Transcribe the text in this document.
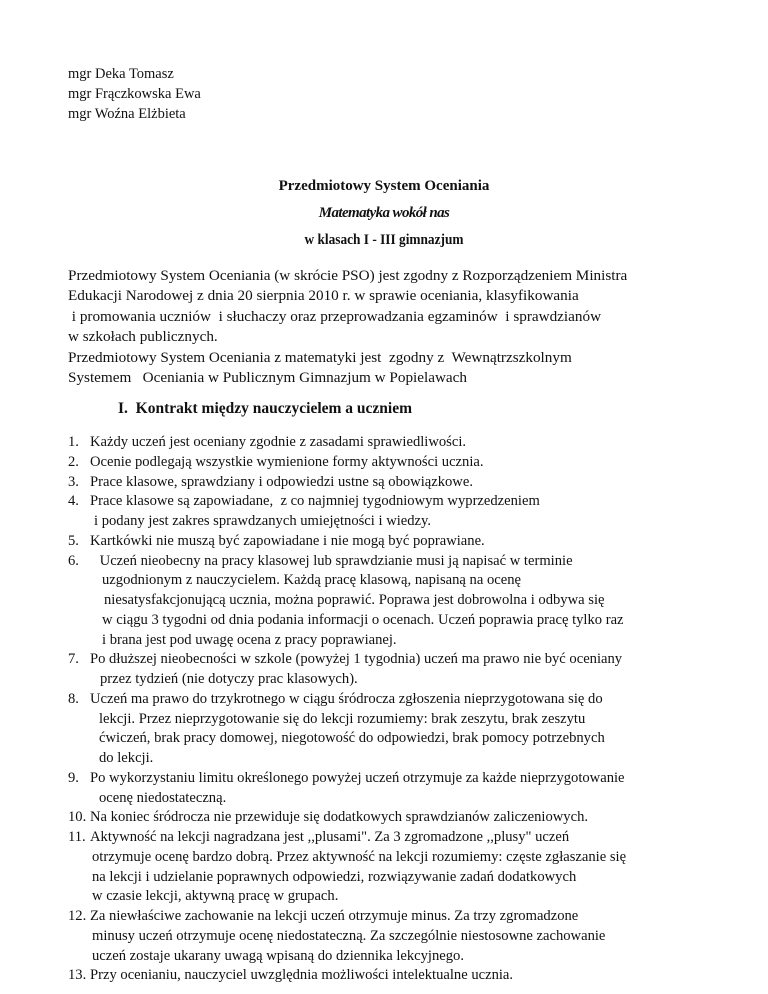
mgr Deka Tomasz
mgr Frączkowska Ewa
mgr Woźna Elżbieta
Przedmiotowy System Oceniania
Matematyka wokół nas
w klasach I - III gimnazjum
Przedmiotowy System Oceniania (w skrócie PSO) jest zgodny z Rozporządzeniem Ministra
Edukacji Narodowej z dnia 20 sierpnia 2010 r. w sprawie oceniania, klasyfikowania
i promowania uczniów  i słuchaczy oraz przeprowadzania egzaminów  i sprawdzianów
w szkołach publicznych.
Przedmiotowy System Oceniania z matematyki jest  zgodny z  Wewnątrzszkolnym
Systemem   Oceniania w Publicznym Gimnazjum w Popielawach
I.  Kontrakt między nauczycielem a uczniem
1. Każdy uczeń jest oceniany zgodnie z zasadami sprawiedliwości.
2. Ocenie podlegają wszystkie wymienione formy aktywności ucznia.
3. Prace klasowe, sprawdziany i odpowiedzi ustne są obowiązkowe.
4. Prace klasowe są zapowiadane,  z co najmniej tygodniowym wyprzedzeniem
i podany jest zakres sprawdzanych umiejętności i wiedzy.
5. Kartkówki nie muszą być zapowiadane i nie mogą być poprawiane.
6. Uczeń nieobecny na pracy klasowej lub sprawdzianie musi ją napisać w terminie
uzgodnionym z nauczycielem. Każdą pracę klasową, napisaną na ocenę
niesatysfakcjonującą ucznia, można poprawić. Poprawa jest dobrowolna i odbywa się
w ciągu 3 tygodni od dnia podania informacji o ocenach. Uczeń poprawia pracę tylko raz
i brana jest pod uwagę ocena z pracy poprawianej.
7. Po dłuższej nieobecności w szkole (powyżej 1 tygodnia) uczeń ma prawo nie być oceniany
przez tydzień (nie dotyczy prac klasowych).
8. Uczeń ma prawo do trzykrotnego w ciągu śródrocza zgłoszenia nieprzygotowana się do
lekcji. Przez nieprzygotowanie się do lekcji rozumiemy: brak zeszytu, brak zeszytu
ćwiczeń, brak pracy domowej, niegotowość do odpowiedzi, brak pomocy potrzebnych
do lekcji.
9. Po wykorzystaniu limitu określonego powyżej uczeń otrzymuje za każde nieprzygotowanie
ocenę niedostateczną.
10. Na koniec śródrocza nie przewiduje się dodatkowych sprawdzianów zaliczeniowych.
11. Aktywność na lekcji nagradzana jest ,,plusami". Za 3 zgromadzone ,,plusy" uczeń
otrzymuje ocenę bardzo dobrą. Przez aktywność na lekcji rozumiemy: częste zgłaszanie się
na lekcji i udzielanie poprawnych odpowiedzi, rozwiązywanie zadań dodatkowych
w czasie lekcji, aktywną pracę w grupach.
12. Za niewłaściwe zachowanie na lekcji uczeń otrzymuje minus. Za trzy zgromadzone
minusy uczeń otrzymuje ocenę niedostateczną. Za szczególnie niestosowne zachowanie
uczeń zostaje ukarany uwagą wpisaną do dziennika lekcyjnego.
13. Przy ocenianiu, nauczyciel uwzględnia możliwości intelektualne ucznia.
